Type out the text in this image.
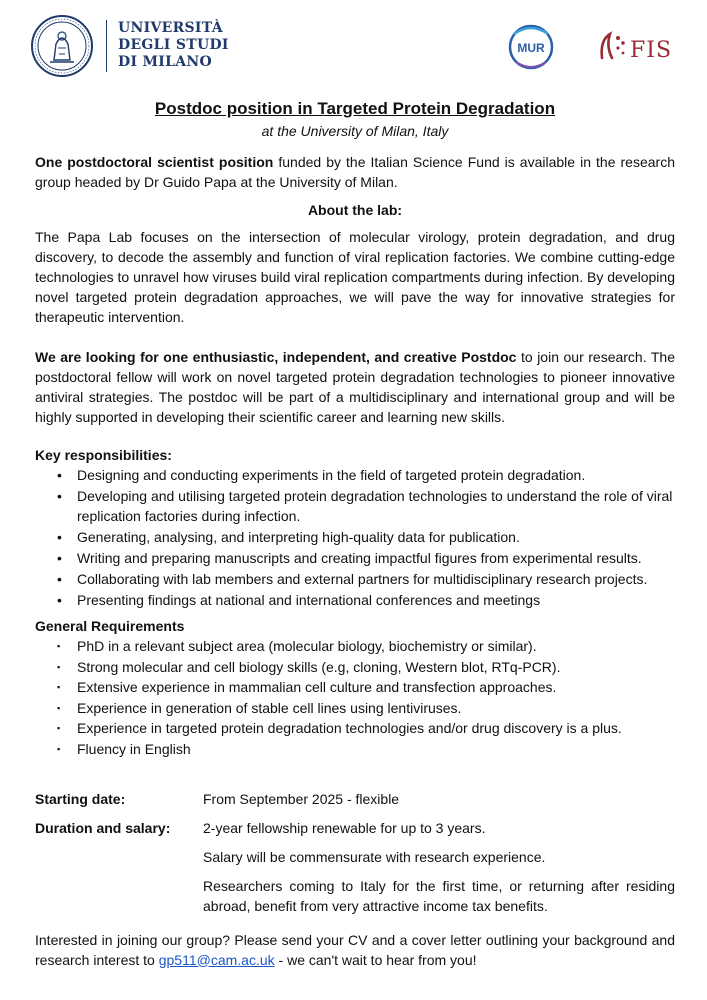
UNIVERSITÀ
DEGLI STUDI
DI MILANO
MUR	FIS
Postdoc position in Targeted Protein Degradation
at the University of Milan, Italy

One postdoctoral scientist position funded by the Italian Science Fund is available in the research group headed by Dr Guido Papa at the University of Milan.

About the lab:

The Papa Lab focuses on the intersection of molecular virology, protein degradation, and drug discovery, to decode the assembly and function of viral replication factories. We combine cutting-edge technologies to unravel how viruses build viral replication compartments during infection. By developing novel targeted protein degradation approaches, we will pave the way for innovative strategies for therapeutic intervention.

We are looking for one enthusiastic, independent, and creative Postdoc to join our research. The postdoctoral fellow will work on novel targeted protein degradation technologies to pioneer innovative antiviral strategies. The postdoc will be part of a multidisciplinary and international group and will be highly supported in developing their scientific career and learning new skills.

Key responsibilities:
• Designing and conducting experiments in the field of targeted protein degradation.
• Developing and utilising targeted protein degradation technologies to understand the role of viral replication factories during infection.
• Generating, analysing, and interpreting high-quality data for publication.
• Writing and preparing manuscripts and creating impactful figures from experimental results.
• Collaborating with lab members and external partners for multidisciplinary research projects.
• Presenting findings at national and international conferences and meetings
General Requirements
▪ PhD in a relevant subject area (molecular biology, biochemistry or similar).
▪ Strong molecular and cell biology skills (e.g, cloning, Western blot, RTq-PCR).
▪ Extensive experience in mammalian cell culture and transfection approaches.
▪ Experience in generation of stable cell lines using lentiviruses.
▪ Experience in targeted protein degradation technologies and/or drug discovery is a plus.
▪ Fluency in English
Starting date:	From September 2025 - flexible
Duration and salary:	2-year fellowship renewable for up to 3 years.
Salary will be commensurate with research experience.
Researchers coming to Italy for the first time, or returning after residing abroad, benefit from very attractive income tax benefits.

Interested in joining our group? Please send your CV and a cover letter outlining your background and research interest to gp511@cam.ac.uk - we can't wait to hear from you!
